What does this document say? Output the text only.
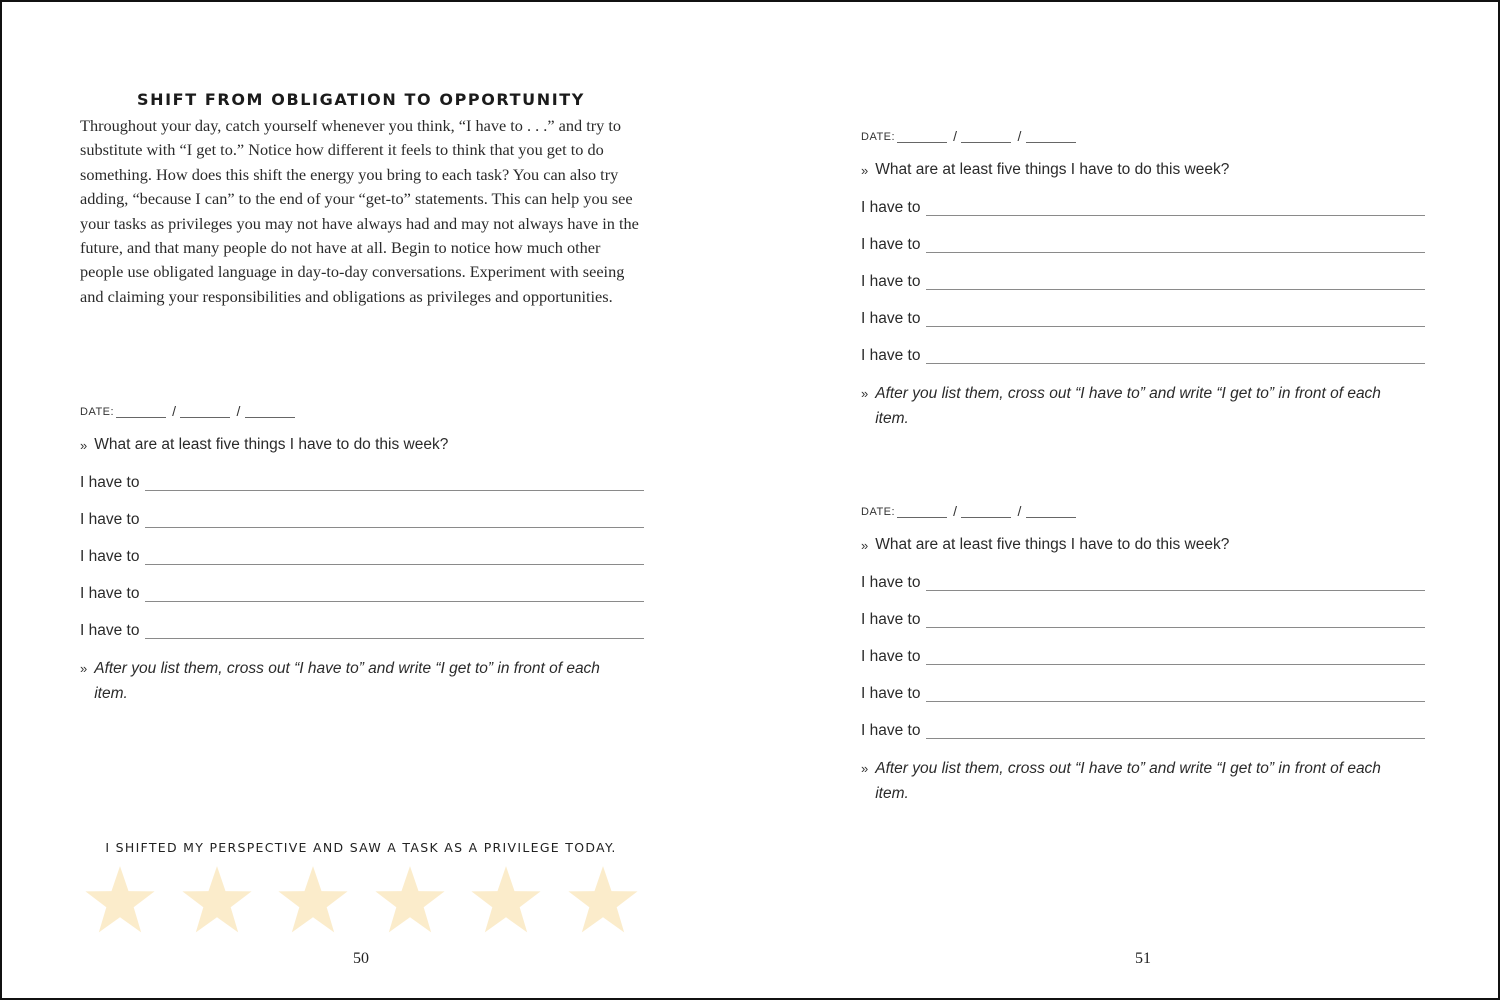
SHIFT FROM OBLIGATION TO OPPORTUNITY

Throughout your day, catch yourself whenever you think, “I have to . . .” and try to substitute with “I get to.” Notice how different it feels to think that you get to do something. How does this shift the energy you bring to each task? You can also try adding, “because I can” to the end of your “get-to” statements. This can help you see your tasks as privileges you may not have always had and may not always have in the future, and that many people do not have at all. Begin to notice how much other people use obligated language in day-to-day conversations. Experiment with seeing and claiming your responsibilities and obligations as privileges and opportunities.

DATE:	/	/
» What are at least five things I have to do this week?
I have to
I have to
I have to
I have to
I have to
» After you list them, cross out “I have to” and write “I get to” in front of each item.
I SHIFTED MY PERSPECTIVE AND SAW A TASK AS A PRIVILEGE TODAY.
50
DATE:	/	/
» What are at least five things I have to do this week?
I have to
I have to
I have to
I have to
I have to
» After you list them, cross out “I have to” and write “I get to” in front of each item.
DATE:	/	/
» What are at least five things I have to do this week?
I have to
I have to
I have to
I have to
I have to
» After you list them, cross out “I have to” and write “I get to” in front of each item.
51
